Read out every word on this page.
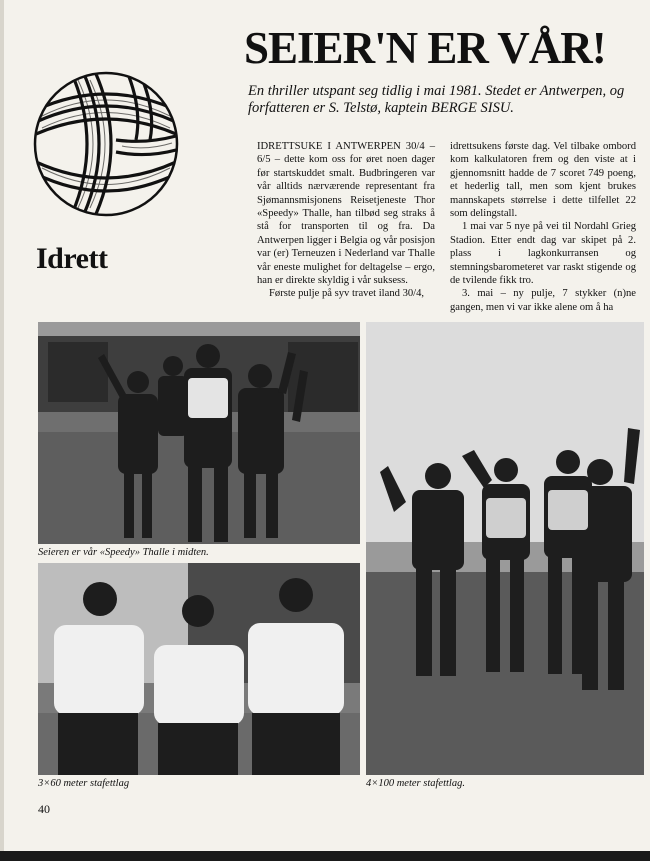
Idrett
SEIER'N ER VÅR!
En thriller utspant seg tidlig i mai 1981. Stedet er Antwerpen, og forfatteren er S. Telstø, kaptein BERGE SISU.

IDRETTSUKE I ANTWERPEN 30/4 – 6/5 – dette kom oss for øret noen dager før startskuddet smalt. Budbringeren var vår alltids nærværende representant fra Sjømannsmisjonens Reisetjeneste Thor «Speedy» Thalle, han tilbød seg straks å stå for transporten til og fra. Da Antwerpen ligger i Belgia og vår posisjon var (er) Terneuzen i Nederland var Thalle vår eneste mulighet for deltagelse – ergo, han er direkte skyldig i vår suksess.

Første pulje på syv travet iland 30/4,

idrettsukens første dag. Vel tilbake ombord kom kalkulatoren frem og den viste at i gjennomsnitt hadde de 7 scoret 749 poeng, et hederlig tall, men som kjent brukes mannskapets størrelse i dette tilfellet 22 som delingstall.

1 mai var 5 nye på vei til Nordahl Grieg Stadion. Etter endt dag var skipet på 2. plass i lagkonkurransen og stemningsbarometeret var raskt stigende og de tvilende fikk tro.

3. mai – ny pulje, 7 stykker (n)ne gangen, men vi var ikke alene om å ha

Seieren er vår «Speedy» Thalle i midten.
4×100 meter stafettlag.
3×60 meter stafettlag
40
